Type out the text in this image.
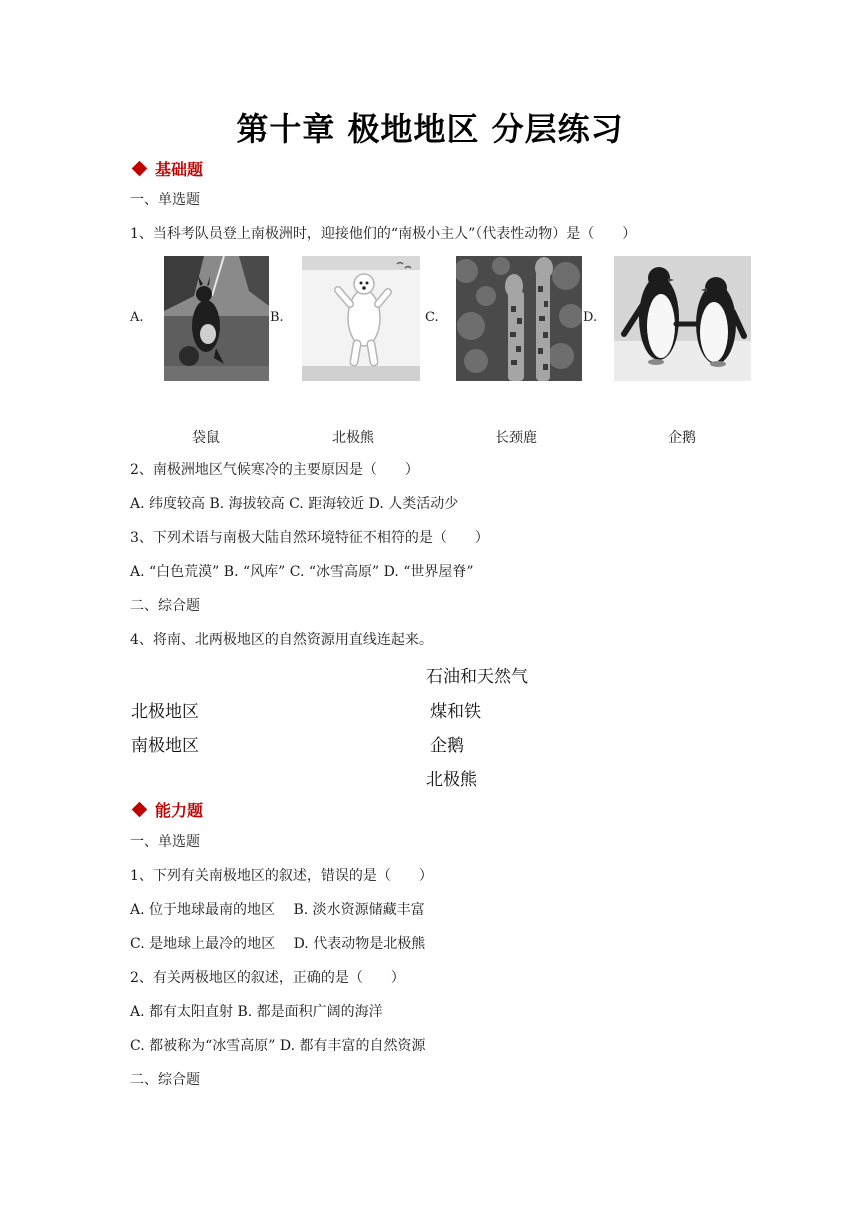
第十章 极地地区 分层练习
基础题
一、单选题
1、当科考队员登上南极洲时，迎接他们的“南极小主人”（代表性动物）是（　　）
A.	B.	C.	D.
袋鼠	北极熊	长颈鹿	企鹅
2、南极洲地区气候寒冷的主要原因是（　　）
A. 纬度较高 B. 海拔较高 C. 距海较近 D. 人类活动少
3、下列术语与南极大陆自然环境特征不相符的是（　　）
A. “白色荒漠” B. “风库” C. “冰雪高原” D. “世界屋脊”
二、综合题
4、将南、北两极地区的自然资源用直线连起来。
石油和天然气
北极地区	煤和铁
南极地区	企鹅
北极熊
能力题
一、单选题
1、下列有关南极地区的叙述，错误的是（　　）
A. 位于地球最南的地区　 B. 淡水资源储藏丰富
C. 是地球上最冷的地区　 D. 代表动物是北极熊
2、有关两极地区的叙述，正确的是（　　）
A. 都有太阳直射 B. 都是面积广阔的海洋
C. 都被称为“冰雪高原” D. 都有丰富的自然资源
二、综合题
